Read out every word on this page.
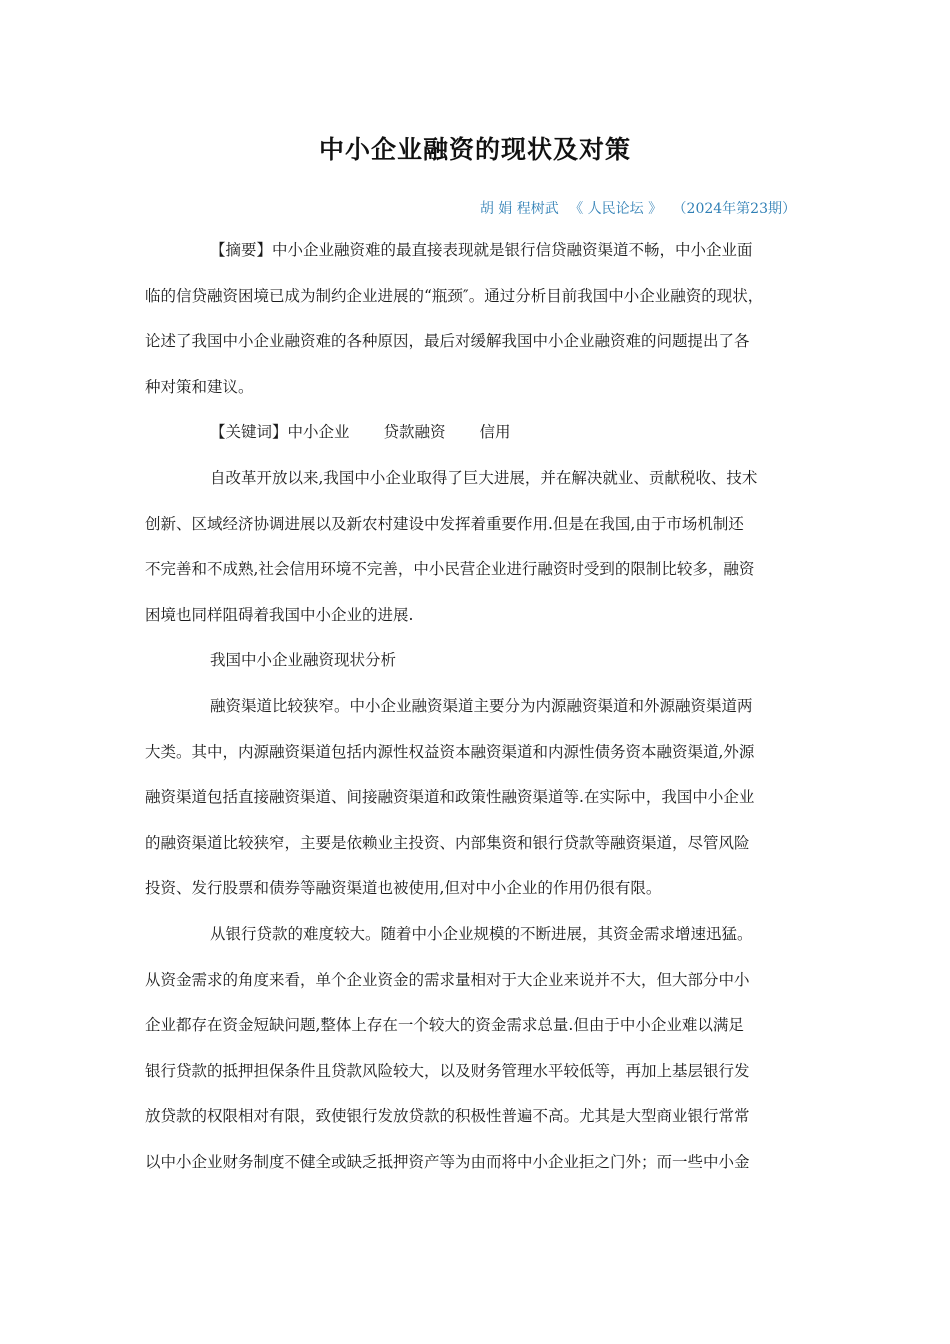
中小企业融资的现状及对策
胡 娟 程树武 《 人民论坛 》 （2024年第23期）

【摘要】中小企业融资难的最直接表现就是银行信贷融资渠道不畅，中小企业面
临的信贷融资困境已成为制约企业进展的“瓶颈″。通过分析目前我国中小企业融资的现状，
论述了我国中小企业融资难的各种原因，最后对缓解我国中小企业融资难的问题提出了各
种对策和建议。

【关键词】中小企业 贷款融资 信用

自改革开放以来,我国中小企业取得了巨大进展，并在解决就业、贡献税收、技术
创新、区域经济协调进展以及新农村建设中发挥着重要作用.但是在我国,由于市场机制还
不完善和不成熟,社会信用环境不完善，中小民营企业进行融资时受到的限制比较多，融资
困境也同样阻碍着我国中小企业的进展.

我国中小企业融资现状分析

融资渠道比较狭窄。中小企业融资渠道主要分为内源融资渠道和外源融资渠道两
大类。其中，内源融资渠道包括内源性权益资本融资渠道和内源性债务资本融资渠道,外源
融资渠道包括直接融资渠道、间接融资渠道和政策性融资渠道等.在实际中，我国中小企业
的融资渠道比较狭窄，主要是依赖业主投资、内部集资和银行贷款等融资渠道，尽管风险
投资、发行股票和债券等融资渠道也被使用,但对中小企业的作用仍很有限。

从银行贷款的难度较大。随着中小企业规模的不断进展，其资金需求增速迅猛。
从资金需求的角度来看，单个企业资金的需求量相对于大企业来说并不大，但大部分中小
企业都存在资金短缺问题,整体上存在一个较大的资金需求总量.但由于中小企业难以满足
银行贷款的抵押担保条件且贷款风险较大，以及财务管理水平较低等，再加上基层银行发
放贷款的权限相对有限，致使银行发放贷款的积极性普遍不高。尤其是大型商业银行常常
以中小企业财务制度不健全或缺乏抵押资产等为由而将中小企业拒之门外；而一些中小金
